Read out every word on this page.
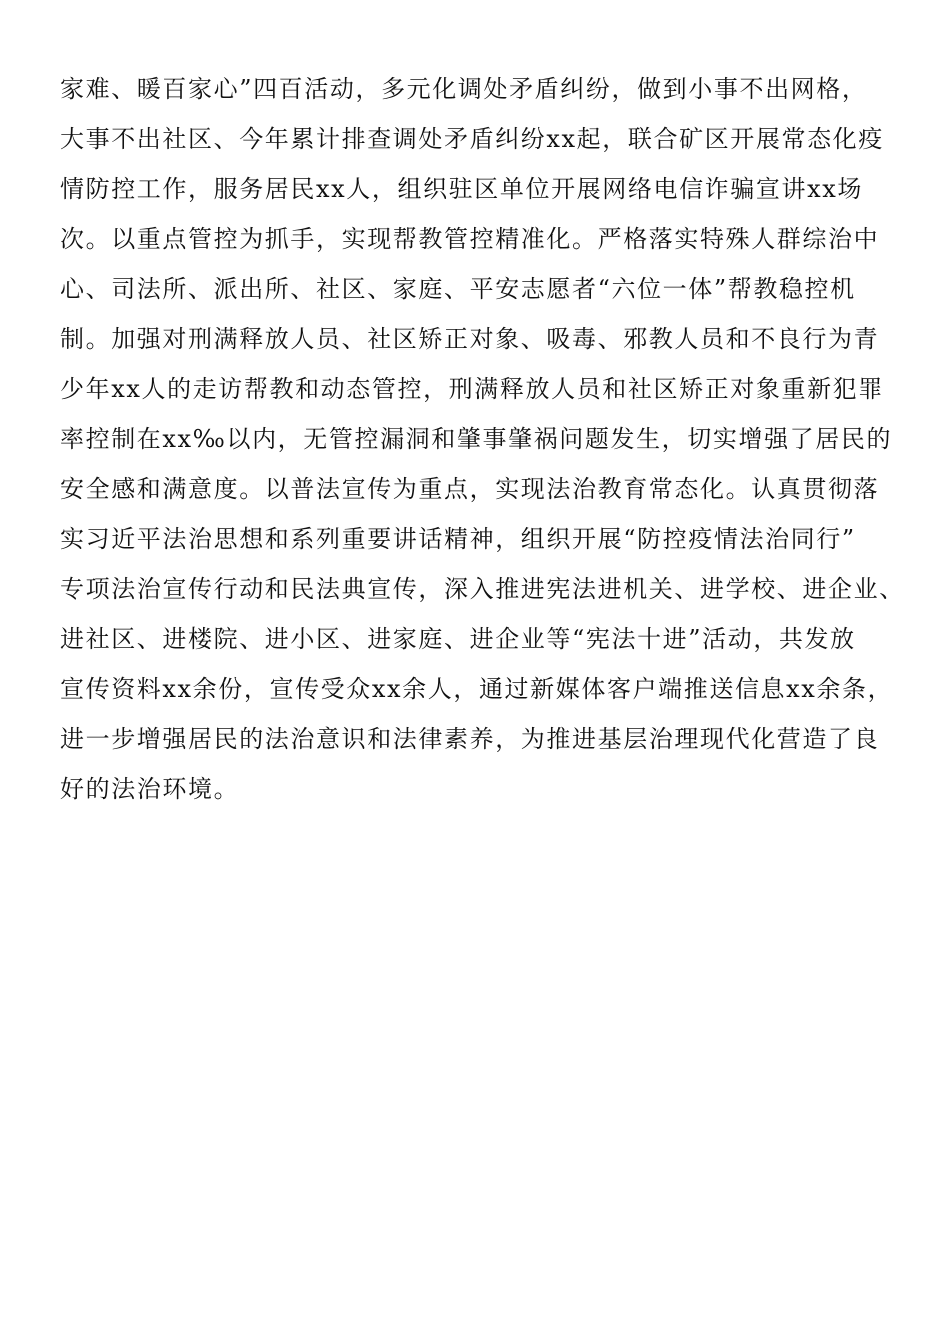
家难、暖百家心”四百活动，多元化调处矛盾纠纷，做到小事不出网格，
大事不出社区、今年累计排查调处矛盾纠纷xx起，联合矿区开展常态化疫
情防控工作，服务居民xx人，组织驻区单位开展网络电信诈骗宣讲xx场
次。以重点管控为抓手，实现帮教管控精准化。严格落实特殊人群综治中
心、司法所、派出所、社区、家庭、平安志愿者“六位一体”帮教稳控机
制。加强对刑满释放人员、社区矫正对象、吸毒、邪教人员和不良行为青
少年xx人的走访帮教和动态管控，刑满释放人员和社区矫正对象重新犯罪
率控制在xx‰以内，无管控漏洞和肇事肇祸问题发生，切实增强了居民的
安全感和满意度。以普法宣传为重点，实现法治教育常态化。认真贯彻落
实习近平法治思想和系列重要讲话精神，组织开展“防控疫情法治同行”
专项法治宣传行动和民法典宣传，深入推进宪法进机关、进学校、进企业、
进社区、进楼院、进小区、进家庭、进企业等“宪法十进”活动，共发放
宣传资料xx余份，宣传受众xx余人，通过新媒体客户端推送信息xx余条，
进一步增强居民的法治意识和法律素养，为推进基层治理现代化营造了良
好的法治环境。
